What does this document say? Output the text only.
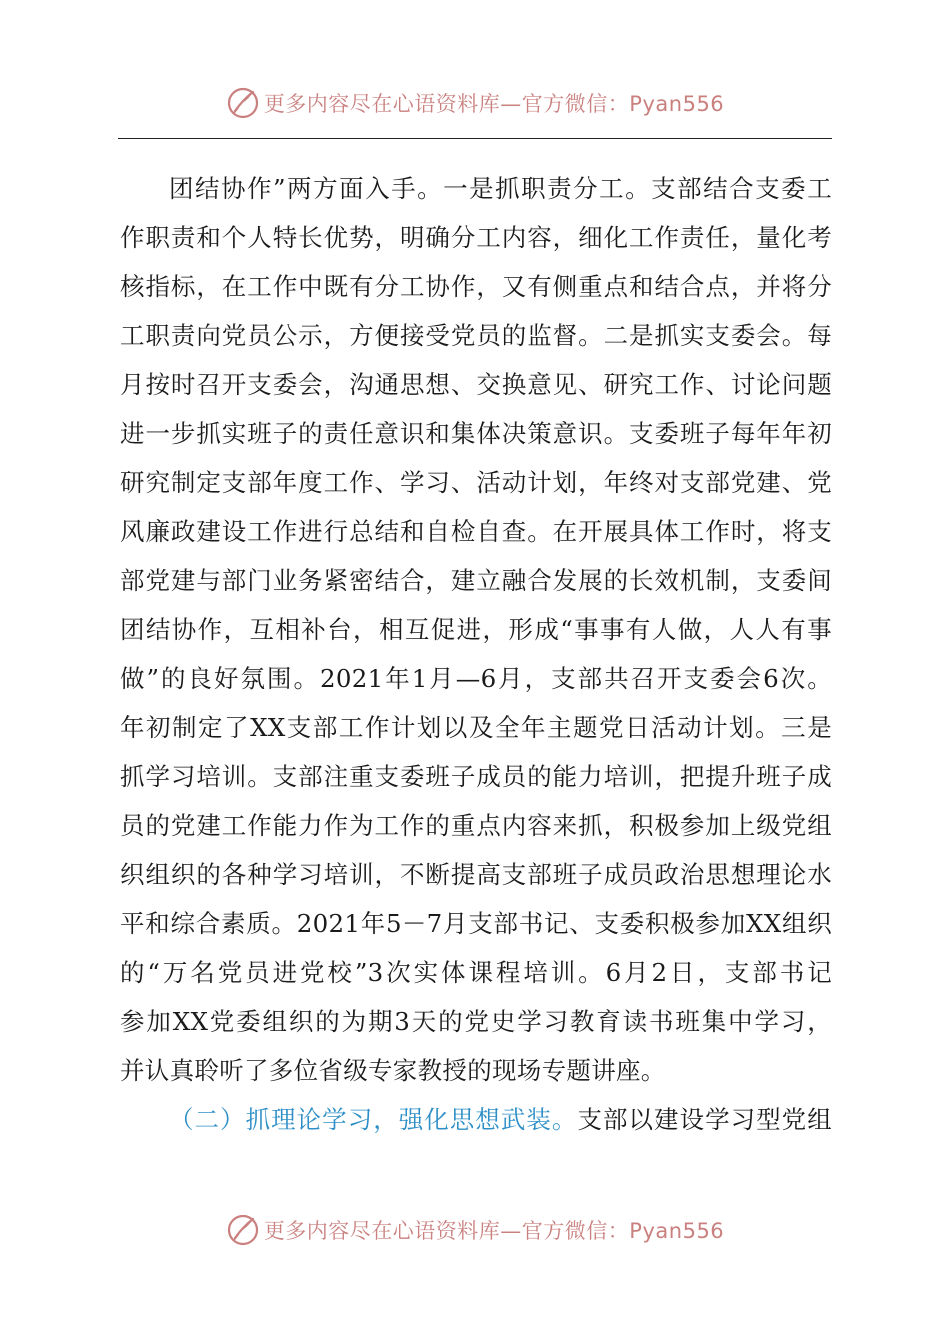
更多内容尽在心语资料库—官方微信：Pyan556
团结协作”两方面入手。一是抓职责分工。支部结合支委工
作职责和个人特长优势，明确分工内容，细化工作责任，量化考
核指标，在工作中既有分工协作，又有侧重点和结合点，并将分
工职责向党员公示，方便接受党员的监督。二是抓实支委会。每
月按时召开支委会，沟通思想、交换意见、研究工作、讨论问题
进一步抓实班子的责任意识和集体决策意识。支委班子每年年初
研究制定支部年度工作、学习、活动计划，年终对支部党建、党
风廉政建设工作进行总结和自检自查。在开展具体工作时，将支
部党建与部门业务紧密结合，建立融合发展的长效机制，支委间
团结协作，互相补台，相互促进，形成“事事有人做，人人有事
做”的良好氛围。2021年1月—6月，支部共召开支委会6次。
年初制定了XX支部工作计划以及全年主题党日活动计划。三是
抓学习培训。支部注重支委班子成员的能力培训，把提升班子成
员的党建工作能力作为工作的重点内容来抓，积极参加上级党组
织组织的各种学习培训，不断提高支部班子成员政治思想理论水
平和综合素质。2021年5－7月支部书记、支委积极参加XX组织
的“万名党员进党校”3次实体课程培训。6月2日，支部书记
参加XX党委组织的为期3天的党史学习教育读书班集中学习，
并认真聆听了多位省级专家教授的现场专题讲座。
（二）抓理论学习，强化思想武装。支部以建设学习型党组
更多内容尽在心语资料库—官方微信：Pyan556
